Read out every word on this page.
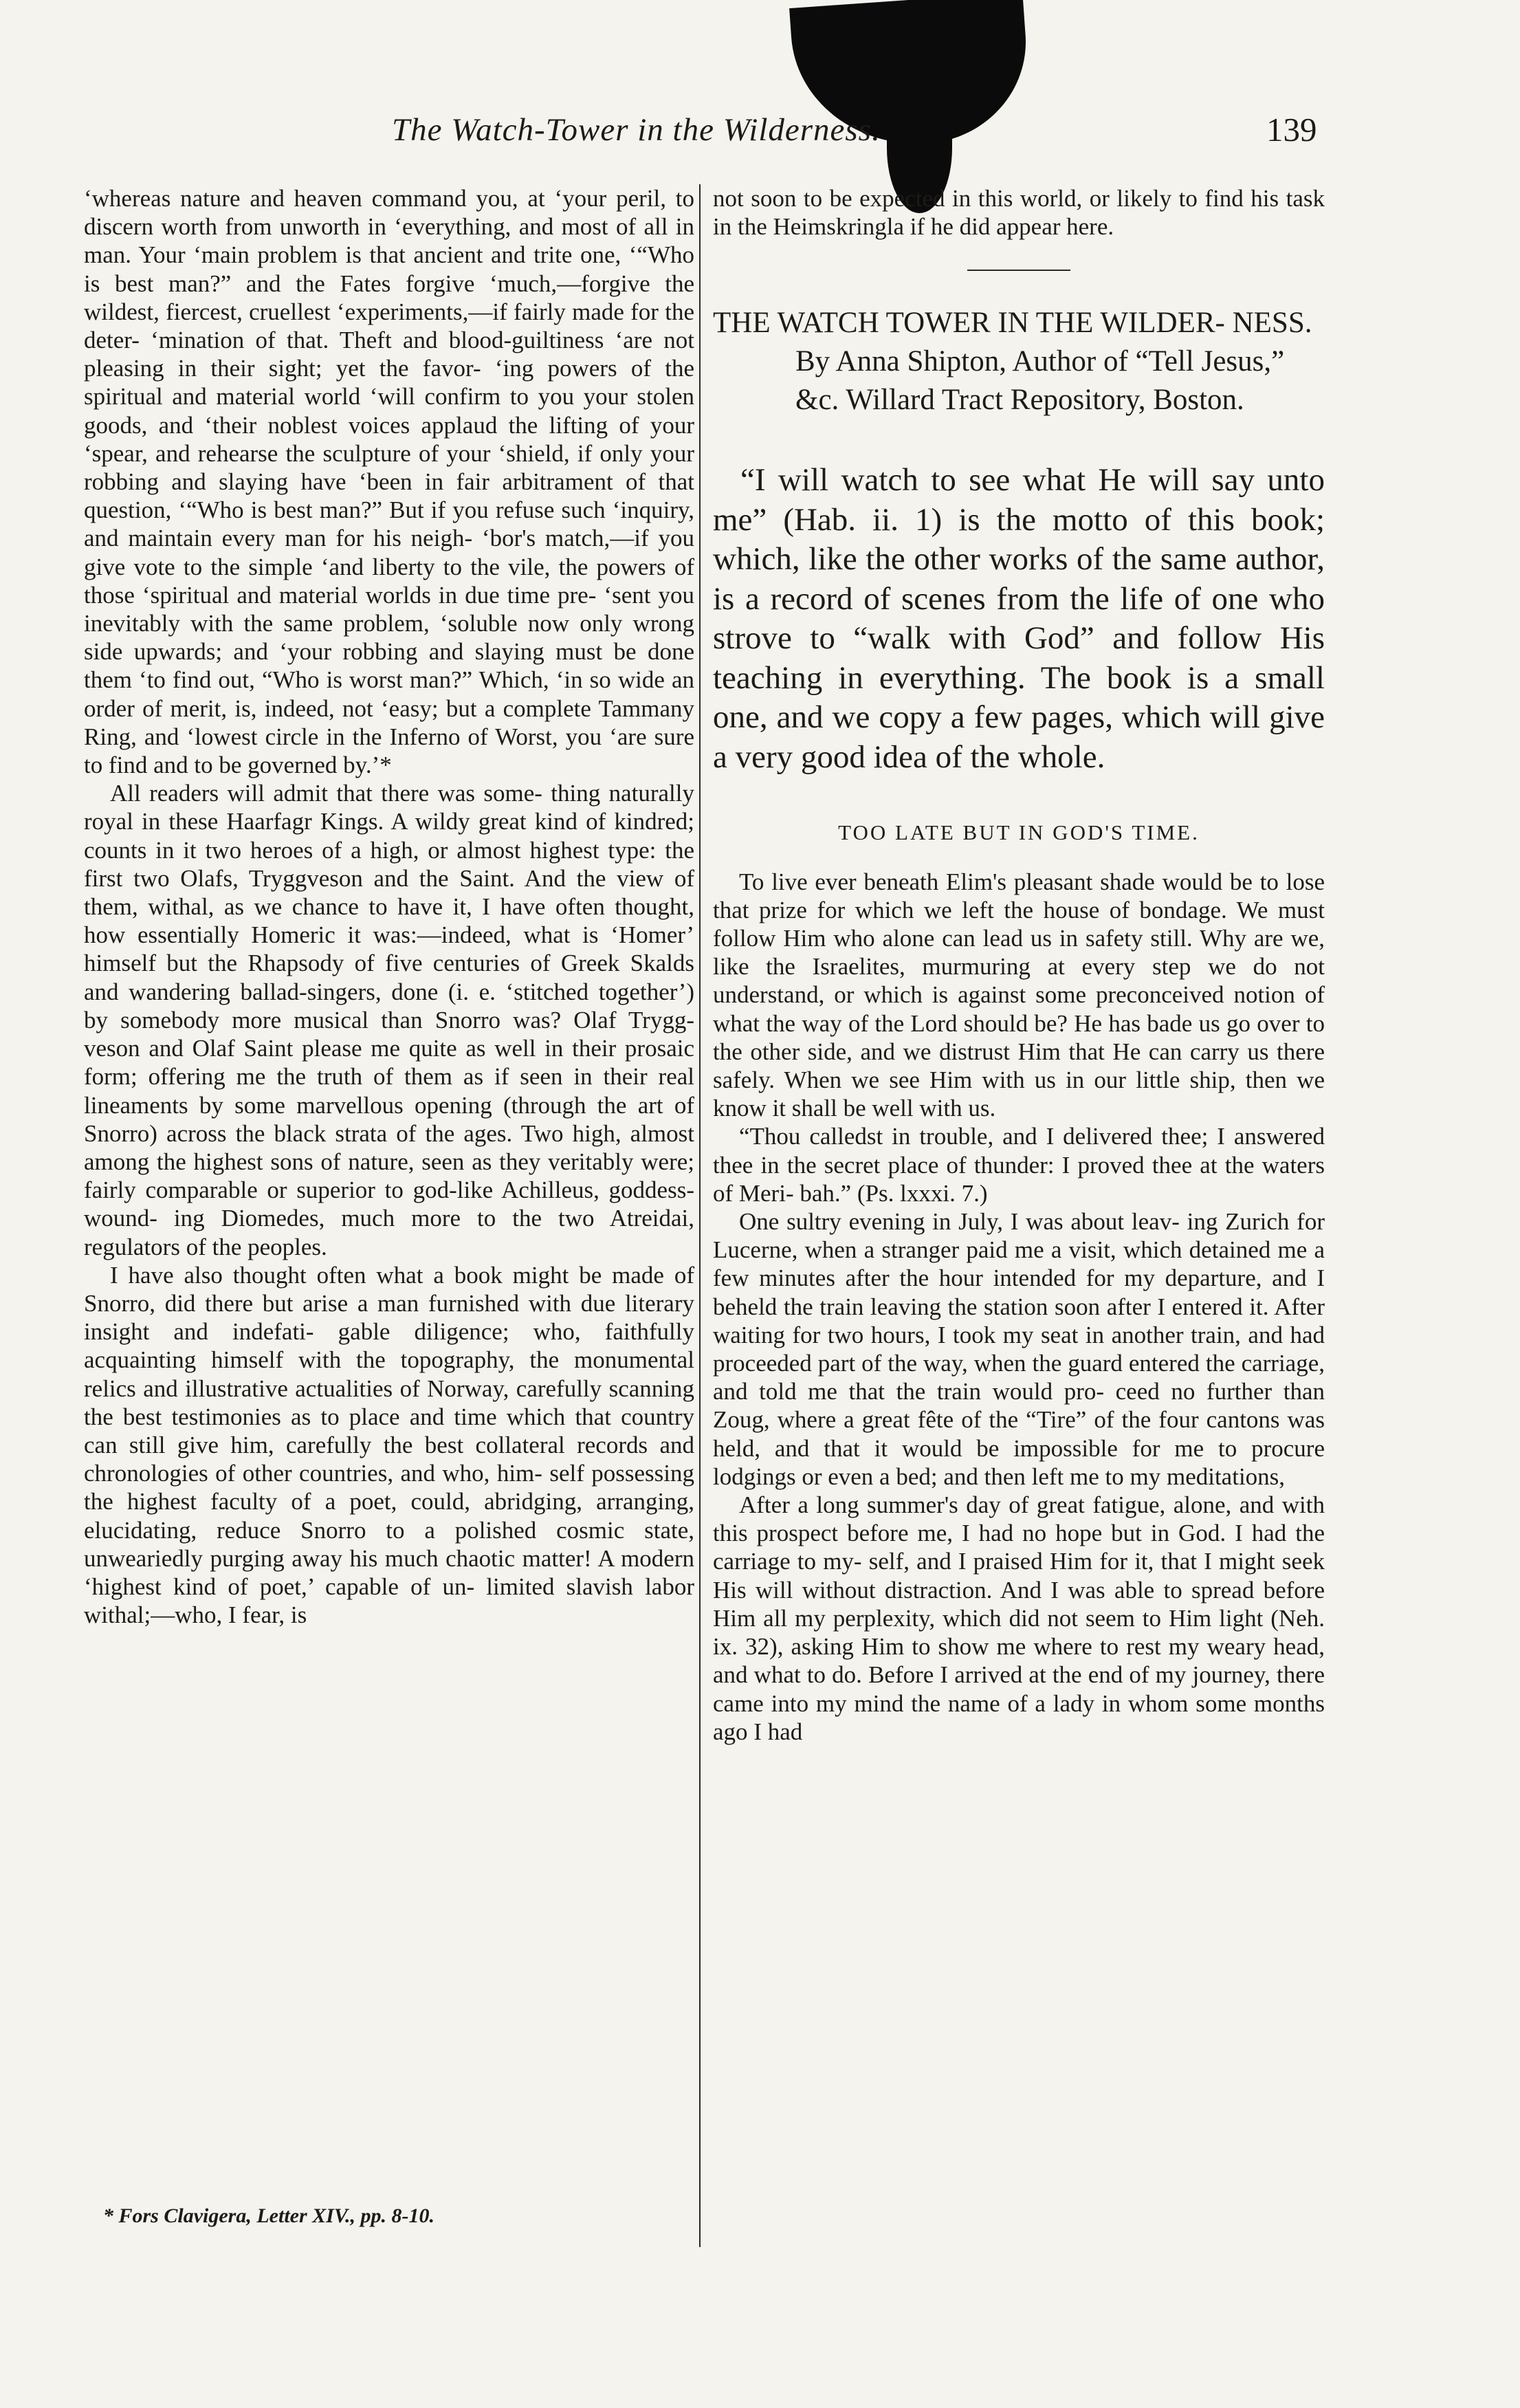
The Watch-Tower in the Wilderness.	139

‘whereas nature and heaven command you, at ‘your peril, to discern worth from unworth in ‘everything, and most of all in man. Your ‘main problem is that ancient and trite one, ‘“Who is best man?” and the Fates forgive ‘much,—forgive the wildest, fiercest, cruellest ‘experiments,—if fairly made for the deter- ‘mination of that. Theft and blood-guiltiness ‘are not pleasing in their sight; yet the favor- ‘ing powers of the spiritual and material world ‘will confirm to you your stolen goods, and ‘their noblest voices applaud the lifting of your ‘spear, and rehearse the sculpture of your ‘shield, if only your robbing and slaying have ‘been in fair arbitrament of that question, ‘“Who is best man?” But if you refuse such ‘inquiry, and maintain every man for his neigh- ‘bor's match,—if you give vote to the simple ‘and liberty to the vile, the powers of those ‘spiritual and material worlds in due time pre- ‘sent you inevitably with the same problem, ‘soluble now only wrong side upwards; and ‘your robbing and slaying must be done them ‘to find out, “Who is worst man?” Which, ‘in so wide an order of merit, is, indeed, not ‘easy; but a complete Tammany Ring, and ‘lowest circle in the Inferno of Worst, you ‘are sure to find and to be governed by.’*

All readers will admit that there was some- thing naturally royal in these Haarfagr Kings. A wildy great kind of kindred; counts in it two heroes of a high, or almost highest type: the first two Olafs, Tryggveson and the Saint. And the view of them, withal, as we chance to have it, I have often thought, how essentially Homeric it was:—indeed, what is ‘Homer’ himself but the Rhapsody of five centuries of Greek Skalds and wandering ballad-singers, done (i. e. ‘stitched together’) by somebody more musical than Snorro was? Olaf Trygg- veson and Olaf Saint please me quite as well in their prosaic form; offering me the truth of them as if seen in their real lineaments by some marvellous opening (through the art of Snorro) across the black strata of the ages. Two high, almost among the highest sons of nature, seen as they veritably were; fairly comparable or superior to god-like Achilleus, goddess-wound- ing Diomedes, much more to the two Atreidai, regulators of the peoples.

I have also thought often what a book might be made of Snorro, did there but arise a man furnished with due literary insight and indefati- gable diligence; who, faithfully acquainting himself with the topography, the monumental relics and illustrative actualities of Norway, carefully scanning the best testimonies as to place and time which that country can still give him, carefully the best collateral records and chronologies of other countries, and who, him- self possessing the highest faculty of a poet, could, abridging, arranging, elucidating, reduce Snorro to a polished cosmic state, unweariedly purging away his much chaotic matter! A modern ‘highest kind of poet,’ capable of un- limited slavish labor withal;—who, I fear, is

not soon to be expected in this world, or likely to find his task in the Heimskringla if he did appear here.

THE WATCH TOWER IN THE WILDER- NESS. By Anna Shipton, Author of “Tell Jesus,” &c. Willard Tract Repository, Boston.

“I will watch to see what He will say unto me” (Hab. ii. 1) is the motto of this book; which, like the other works of the same author, is a record of scenes from the life of one who strove to “walk with God” and follow His teaching in everything. The book is a small one, and we copy a few pages, which will give a very good idea of the whole.

TOO LATE BUT IN GOD'S TIME.

To live ever beneath Elim's pleasant shade would be to lose that prize for which we left the house of bondage. We must follow Him who alone can lead us in safety still. Why are we, like the Israelites, murmuring at every step we do not understand, or which is against some preconceived notion of what the way of the Lord should be? He has bade us go over to the other side, and we distrust Him that He can carry us there safely. When we see Him with us in our little ship, then we know it shall be well with us.

“Thou calledst in trouble, and I delivered thee; I answered thee in the secret place of thunder: I proved thee at the waters of Meri- bah.” (Ps. lxxxi. 7.)

One sultry evening in July, I was about leav- ing Zurich for Lucerne, when a stranger paid me a visit, which detained me a few minutes after the hour intended for my departure, and I beheld the train leaving the station soon after I entered it. After waiting for two hours, I took my seat in another train, and had proceeded part of the way, when the guard entered the carriage, and told me that the train would pro- ceed no further than Zoug, where a great fête of the “Tire” of the four cantons was held, and that it would be impossible for me to procure lodgings or even a bed; and then left me to my meditations,

After a long summer's day of great fatigue, alone, and with this prospect before me, I had no hope but in God. I had the carriage to my- self, and I praised Him for it, that I might seek His will without distraction. And I was able to spread before Him all my perplexity, which did not seem to Him light (Neh. ix. 32), asking Him to show me where to rest my weary head, and what to do. Before I arrived at the end of my journey, there came into my mind the name of a lady in whom some months ago I had

* Fors Clavigera, Letter XIV., pp. 8-10.
